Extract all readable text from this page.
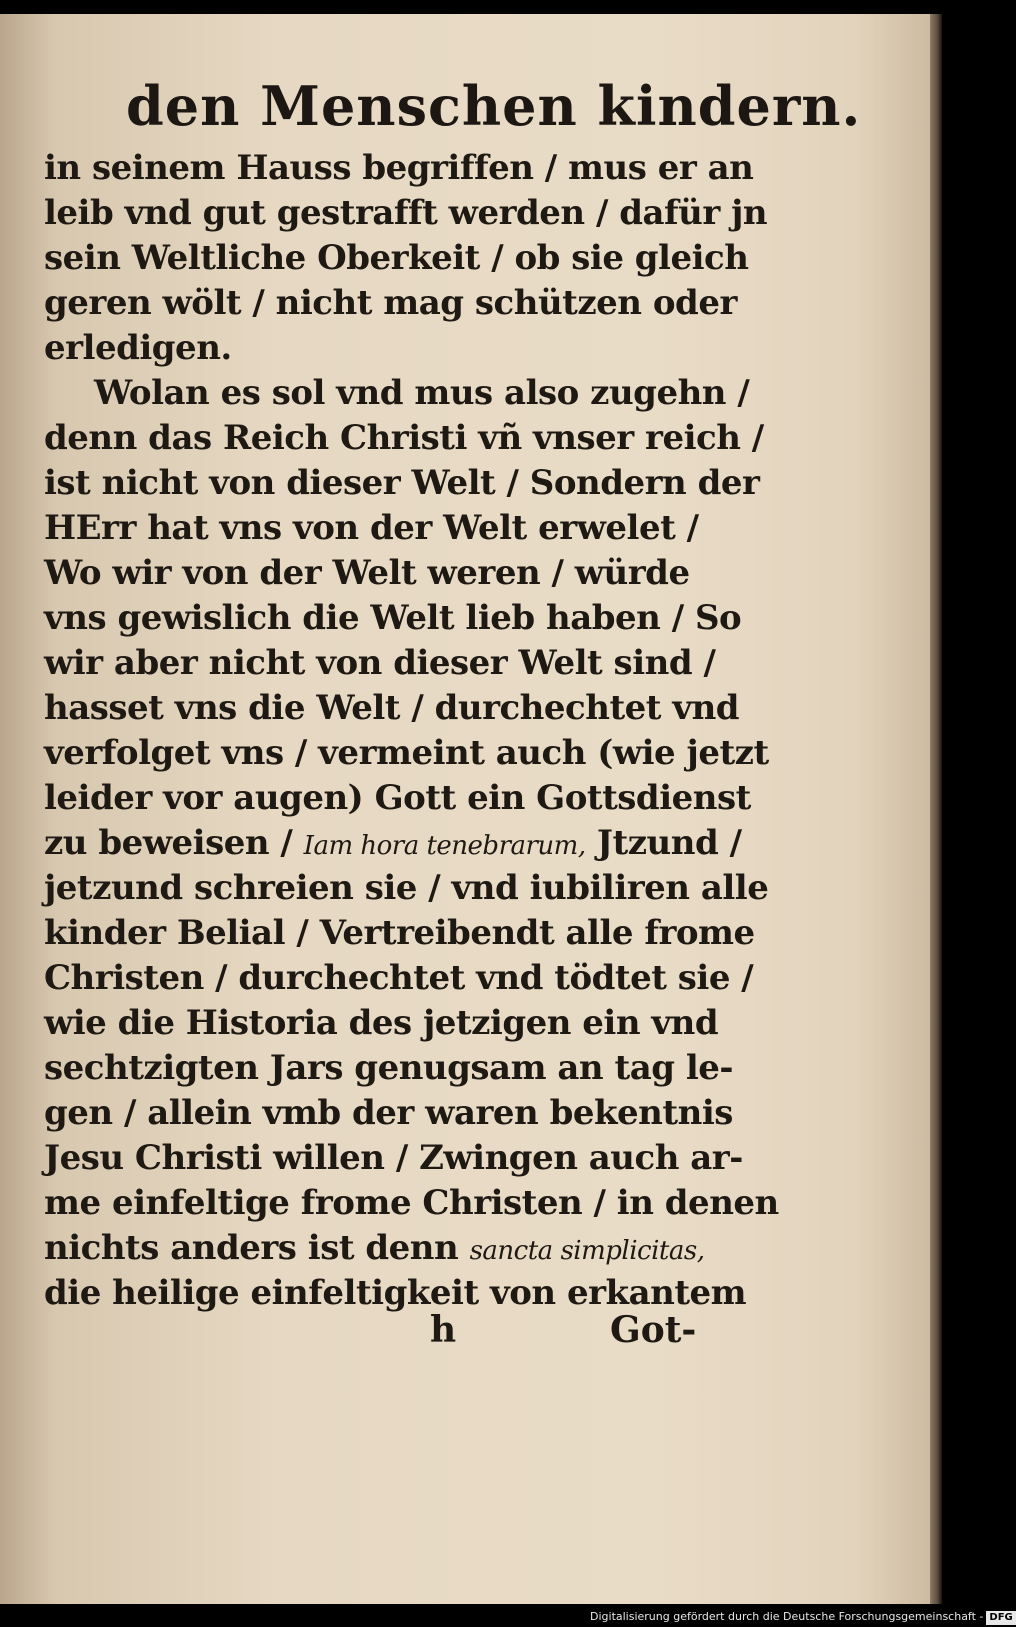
den Menschen kindern.
in seinem Hauss begriffen / mus er an
leib vnd gut gestrafft werden / dafür jn
sein Weltliche Oberkeit / ob sie gleich
geren wölt / nicht mag schützen oder
erledigen.
Wolan es sol vnd mus also zugehn /
denn das Reich Christi vñ vnser reich /
ist nicht von dieser Welt / Sondern der
HErr hat vns von der Welt erwelet /
Wo wir von der Welt weren / würde
vns gewislich die Welt lieb haben / So
wir aber nicht von dieser Welt sind /
hasset vns die Welt / durchechtet vnd
verfolget vns / vermeint auch (wie jetzt
leider vor augen) Gott ein Gottsdienst
zu beweisen / Iam hora tenebrarum, Jtzund /
jetzund schreien sie / vnd iubiliren alle
kinder Belial / Vertreibendt alle frome
Christen / durchechtet vnd tödtet sie /
wie die Historia des jetzigen ein vnd
sechtzigten Jars genugsam an tag le-
gen / allein vmb der waren bekentnis
Jesu Christi willen / Zwingen auch ar-
me einfeltige frome Christen / in denen
nichts anders ist denn sancta simplicitas,
die heilige einfeltigkeit von erkantem
h	Got-
Digitalisierung gefördert durch die Deutsche Forschungsgemeinschaft - DFG
